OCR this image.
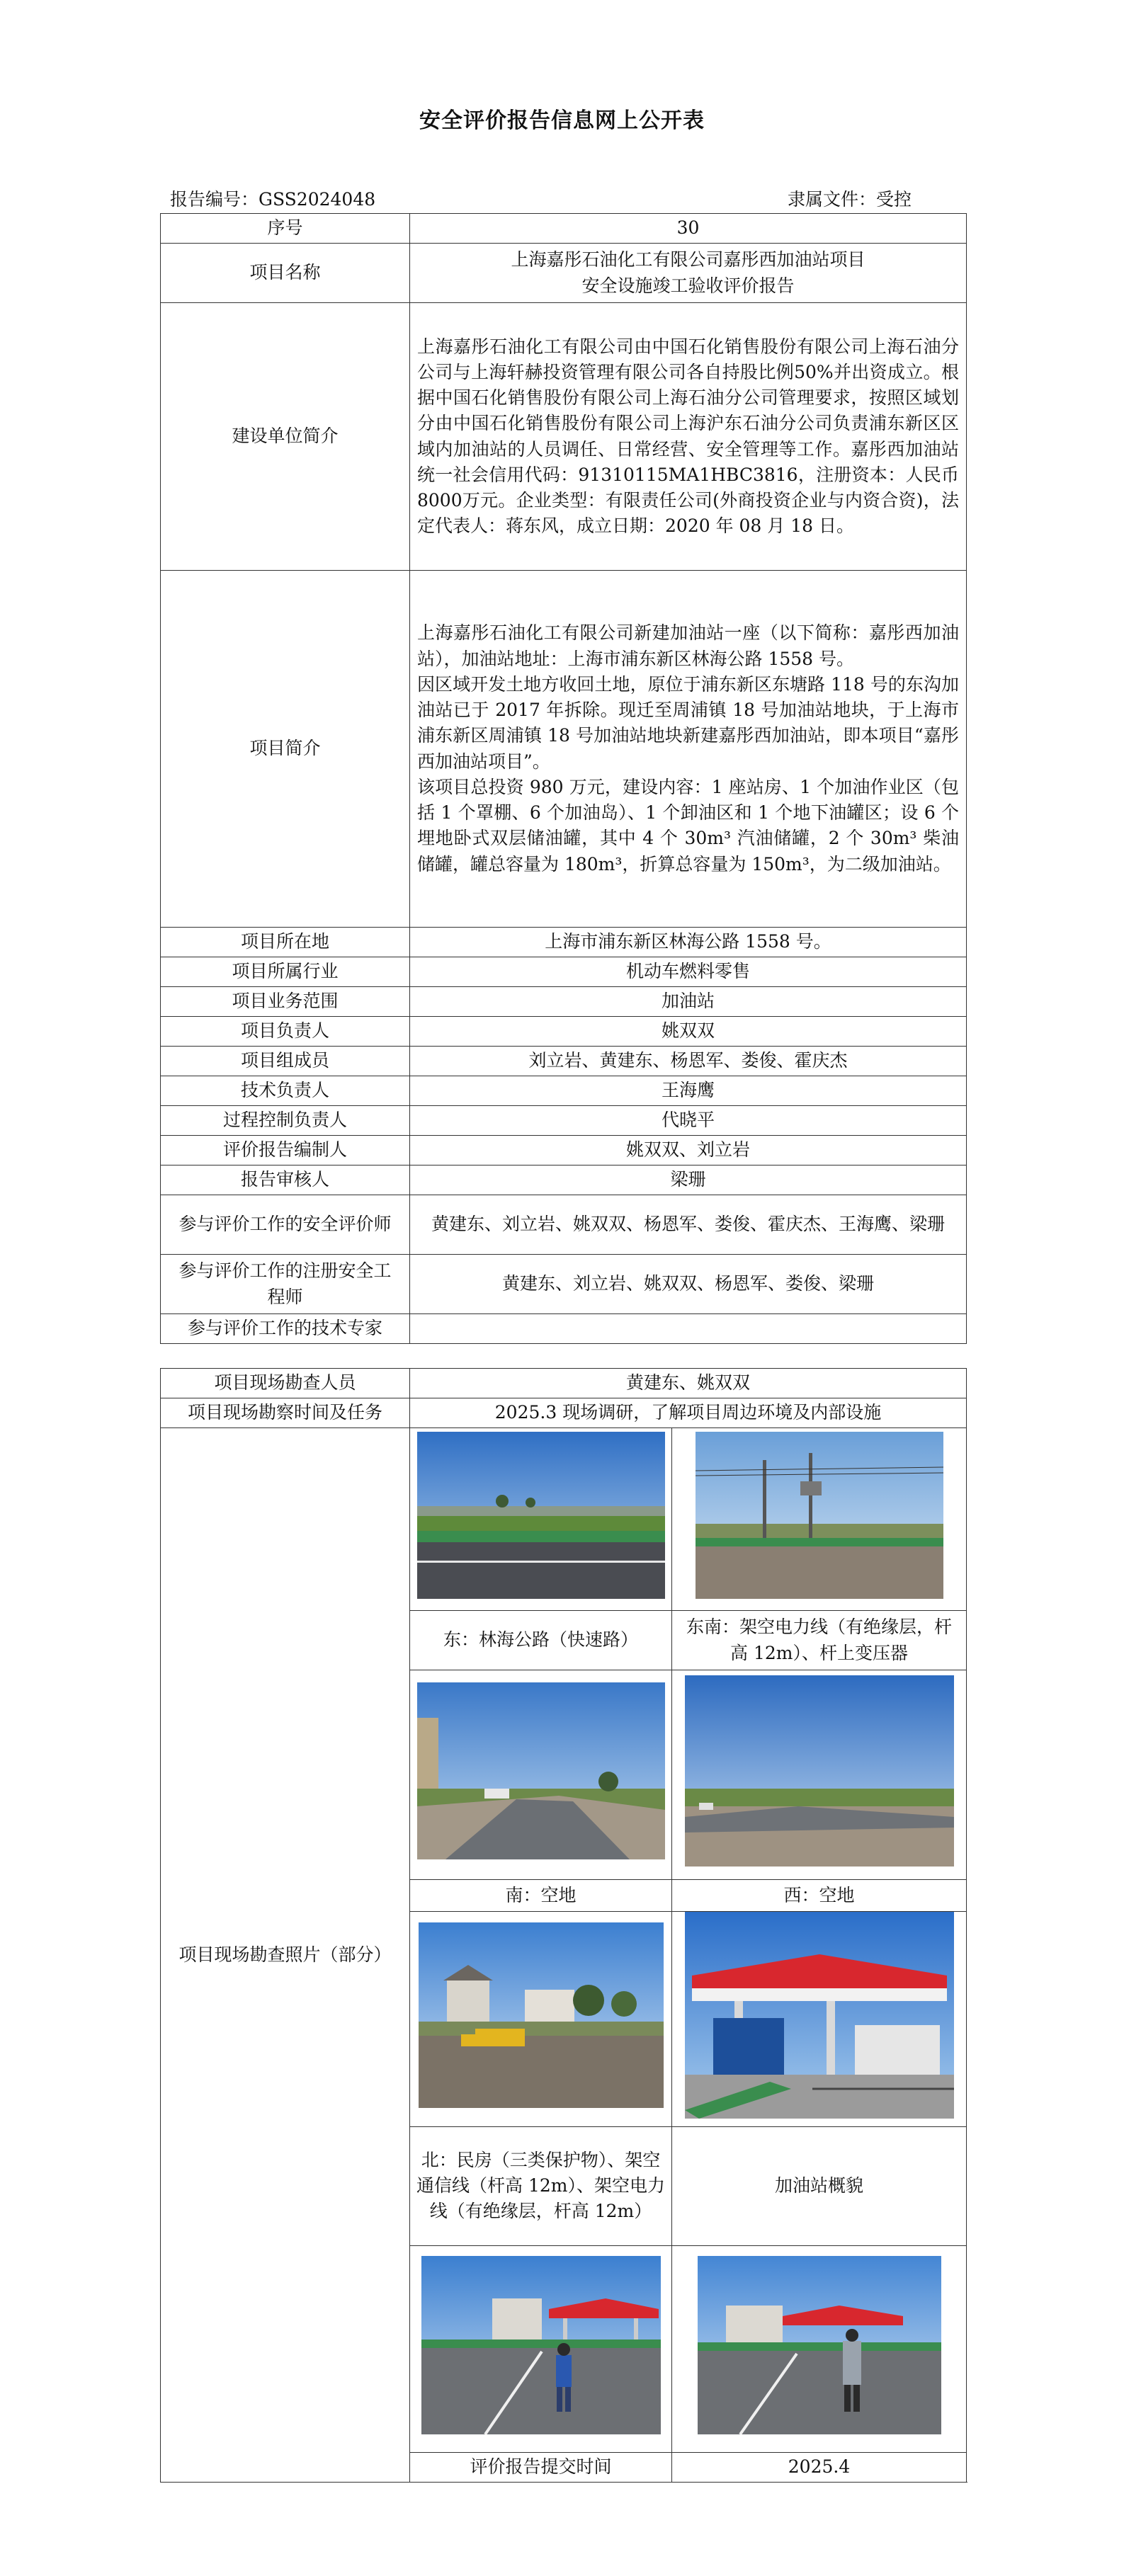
安全评价报告信息网上公开表
报告编号：GSS2024048	隶属文件：受控
序号	30
项目名称	上海嘉彤石油化工有限公司嘉彤西加油站项目
安全设施竣工验收评价报告

建设单位简介	上海嘉彤石油化工有限公司由中国石化销售股份有限公司上海石油分公司与上海轩赫投资管理有限公司各自持股比例50%并出资成立。根据中国石化销售股份有限公司上海石油分公司管理要求，按照区域划分由中国石化销售股份有限公司上海沪东石油分公司负责浦东新区区域内加油站的人员调任、日常经营、安全管理等工作。嘉彤西加油站统一社会信用代码：91310115MA1HBC3816，注册资本：人民币 8000万元。企业类型：有限责任公司(外商投资企业与内资合资)，法定代表人：蒋东风，成立日期：2020 年 08 月 18 日。
项目简介	上海嘉彤石油化工有限公司新建加油站一座（以下简称：嘉彤西加油站），加油站地址：上海市浦东新区林海公路 1558 号。
因区域开发土地方收回土地，原位于浦东新区东塘路 118 号的东沟加油站已于 2017 年拆除。现迁至周浦镇 18 号加油站地块，于上海市浦东新区周浦镇 18 号加油站地块新建嘉彤西加油站，即本项目“嘉彤西加油站项目”。
该项目总投资 980 万元，建设内容：1 座站房、1 个加油作业区（包括 1 个罩棚、6 个加油岛）、1 个卸油区和 1 个地下油罐区；设 6 个埋地卧式双层储油罐，其中 4 个 30m³ 汽油储罐，2 个 30m³ 柴油储罐，罐总容量为 180m³，折算总容量为 150m³，为二级加油站。

项目所在地	上海市浦东新区林海公路 1558 号。
项目所属行业	机动车燃料零售
项目业务范围	加油站
项目负责人	姚双双
项目组成员	刘立岩、黄建东、杨恩军、娄俊、霍庆杰
技术负责人	王海鹰
过程控制负责人	代晓平
评价报告编制人	姚双双、刘立岩
报告审核人	梁珊
参与评价工作的安全评价师	黄建东、刘立岩、姚双双、杨恩军、娄俊、霍庆杰、王海鹰、梁珊

参与评价工作的注册安全工
程师	黄建东、刘立岩、姚双双、杨恩军、娄俊、梁珊
参与评价工作的技术专家	
项目现场勘查人员	黄建东、姚双双	
项目现场勘察时间及任务	2025.3 现场调研，了解项目周边环境及内部设施	
项目现场勘查照片（部分）	

	东：林海公路（快速路）	东南：架空电力线（有绝缘层，杆高 12m）、杆上变压器

	南：空地	西：空地

	北：民房（三类保护物）、架空通信线（杆高 12m）、架空电力线（有绝缘层，杆高 12m）	加油站概貌

	评价报告提交时间	2025.4
